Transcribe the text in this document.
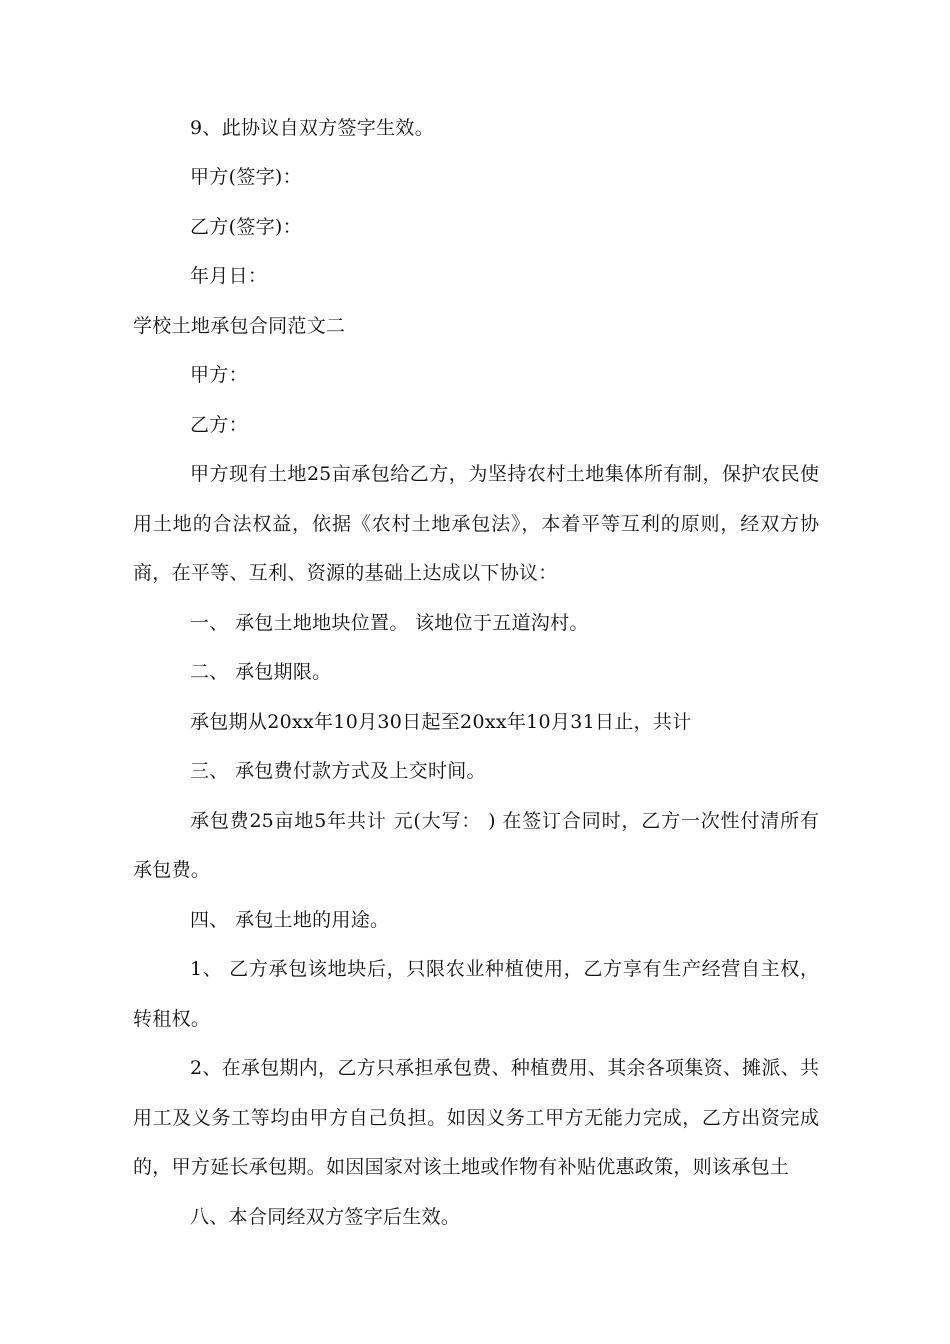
9、此协议自双方签字生效。
甲方(签字)：
乙方(签字)：
年月日：
学校土地承包合同范文二
甲方：
乙方：
甲方现有土地25亩承包给乙方，为坚持农村土地集体所有制，保护农民使
用土地的合法权益，依据《农村土地承包法》，本着平等互利的原则，经双方协
商，在平等、互利、资源的基础上达成以下协议：
一、 承包土地地块位置。 该地位于五道沟村。
二、 承包期限。
承包期从20xx年10月30日起至20xx年10月31日止，共计
三、 承包费付款方式及上交时间。
承包费25亩地5年共计 元(大写： ) 在签订合同时，乙方一次性付清所有
承包费。
四、 承包土地的用途。
1、 乙方承包该地块后，只限农业种植使用，乙方享有生产经营自主权，
转租权。
2、在承包期内，乙方只承担承包费、种植费用、其余各项集资、摊派、共
用工及义务工等均由甲方自己负担。如因义务工甲方无能力完成，乙方出资完成
的，甲方延长承包期。如因国家对该土地或作物有补贴优惠政策，则该承包土
八、本合同经双方签字后生效。
